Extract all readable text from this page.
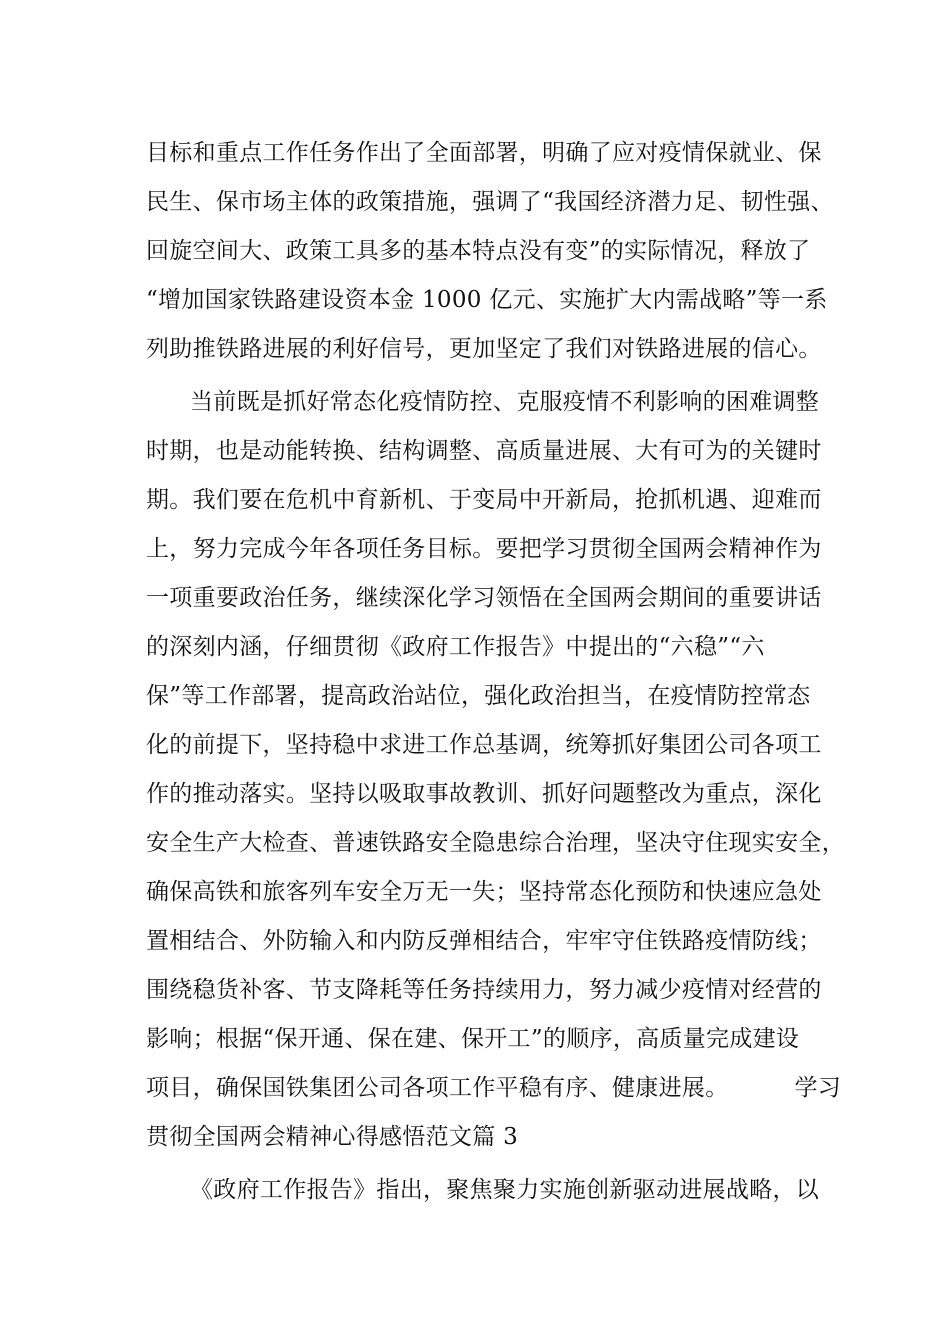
目标和重点工作任务作出了全面部署，明确了应对疫情保就业、保
民生、保市场主体的政策措施，强调了“我国经济潜力足、韧性强、
回旋空间大、政策工具多的基本特点没有变”的实际情况，释放了
“增加国家铁路建设资本金 1000 亿元、实施扩大内需战略”等一系
列助推铁路进展的利好信号，更加坚定了我们对铁路进展的信心。
当前既是抓好常态化疫情防控、克服疫情不利影响的困难调整
时期，也是动能转换、结构调整、高质量进展、大有可为的关键时
期。我们要在危机中育新机、于变局中开新局，抢抓机遇、迎难而
上，努力完成今年各项任务目标。要把学习贯彻全国两会精神作为
一项重要政治任务，继续深化学习领悟在全国两会期间的重要讲话
的深刻内涵，仔细贯彻《政府工作报告》中提出的“六稳”“六
保”等工作部署，提高政治站位，强化政治担当，在疫情防控常态
化的前提下，坚持稳中求进工作总基调，统筹抓好集团公司各项工
作的推动落实。坚持以吸取事故教训、抓好问题整改为重点，深化
安全生产大检查、普速铁路安全隐患综合治理，坚决守住现实安全，
确保高铁和旅客列车安全万无一失；坚持常态化预防和快速应急处
置相结合、外防输入和内防反弹相结合，牢牢守住铁路疫情防线；
围绕稳货补客、节支降耗等任务持续用力，努力减少疫情对经营的
影响；根据“保开通、保在建、保开工”的顺序，高质量完成建设
项目，确保国铁集团公司各项工作平稳有序、健康进展。	学习
贯彻全国两会精神心得感悟范文篇 3
《政府工作报告》指出，聚焦聚力实施创新驱动进展战略，以
